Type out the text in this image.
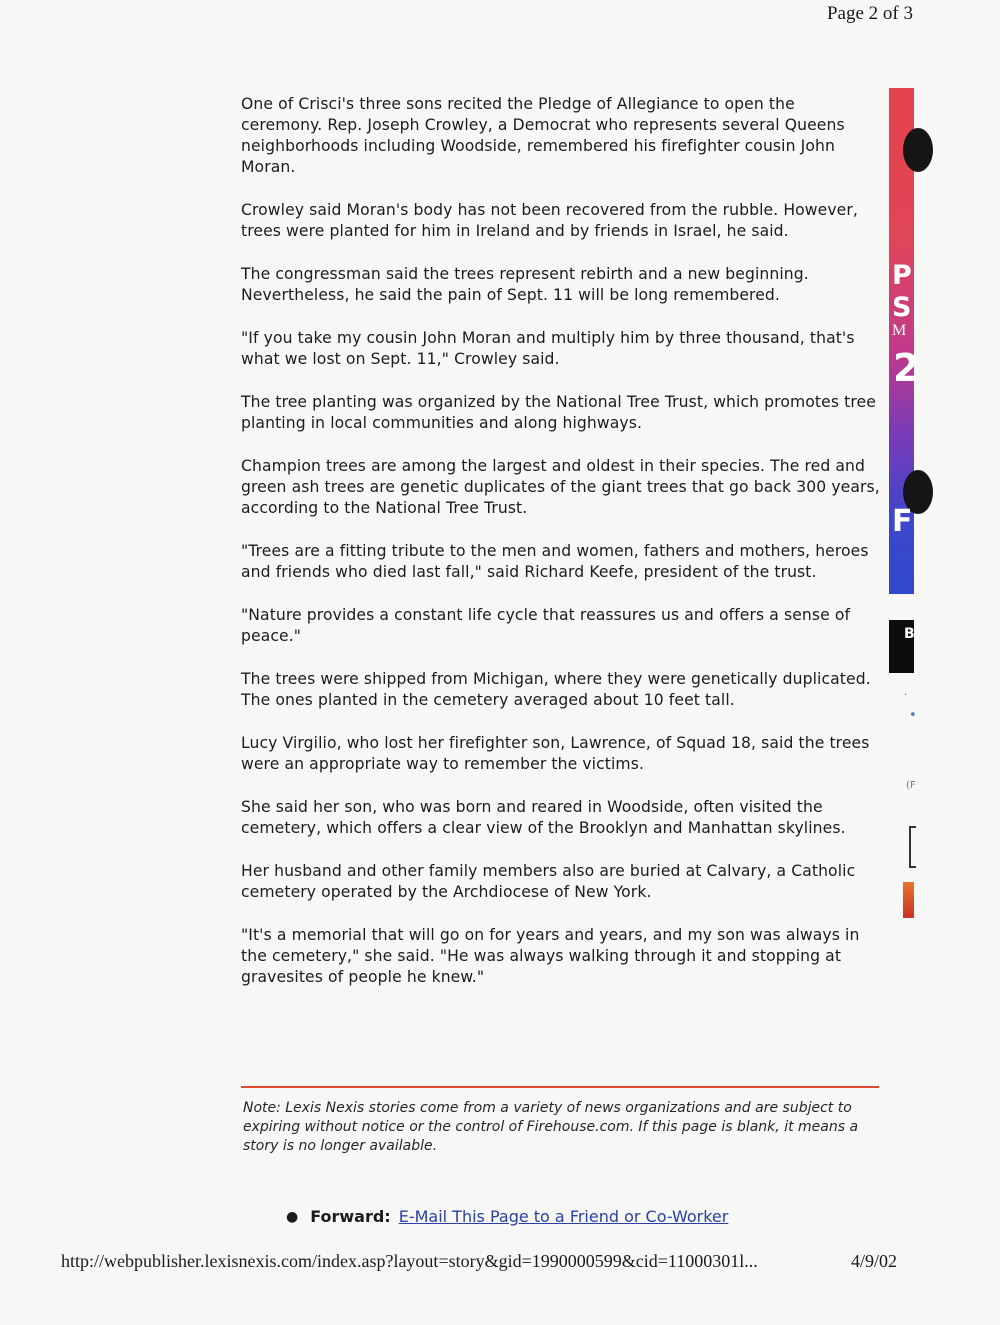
Page 2 of 3

One of Crisci's three sons recited the Pledge of Allegiance to open the ceremony. Rep. Joseph Crowley, a Democrat who represents several Queens neighborhoods including Woodside, remembered his firefighter cousin John Moran.

Crowley said Moran's body has not been recovered from the rubble. However, trees were planted for him in Ireland and by friends in Israel, he said.

The congressman said the trees represent rebirth and a new beginning. Nevertheless, he said the pain of Sept. 11 will be long remembered.

"If you take my cousin John Moran and multiply him by three thousand, that's what we lost on Sept. 11," Crowley said.

The tree planting was organized by the National Tree Trust, which promotes tree planting in local communities and along highways.

Champion trees are among the largest and oldest in their species. The red and green ash trees are genetic duplicates of the giant trees that go back 300 years, according to the National Tree Trust.

"Trees are a fitting tribute to the men and women, fathers and mothers, heroes and friends who died last fall," said Richard Keefe, president of the trust.

"Nature provides a constant life cycle that reassures us and offers a sense of peace."

The trees were shipped from Michigan, where they were genetically duplicated. The ones planted in the cemetery averaged about 10 feet tall.

Lucy Virgilio, who lost her firefighter son, Lawrence, of Squad 18, said the trees were an appropriate way to remember the victims.

She said her son, who was born and reared in Woodside, often visited the cemetery, which offers a clear view of the Brooklyn and Manhattan skylines.

Her husband and other family members also are buried at Calvary, a Catholic cemetery operated by the Archdiocese of New York.

"It's a memorial that will go on for years and years, and my son was always in the cemetery," she said. "He was always walking through it and stopping at gravesites of people he knew."

Note: Lexis Nexis stories come from a variety of news organizations and are subject to expiring without notice or the control of Firehouse.com. If this page is blank, it means a story is no longer available.
● Forward: E-Mail This Page to a Friend or Co-Worker
http://webpublisher.lexisnexis.com/index.asp?layout=story&gid=1990000599&cid=11000301l...	4/9/02
P
S
M
2
F
B
·
•
(F
